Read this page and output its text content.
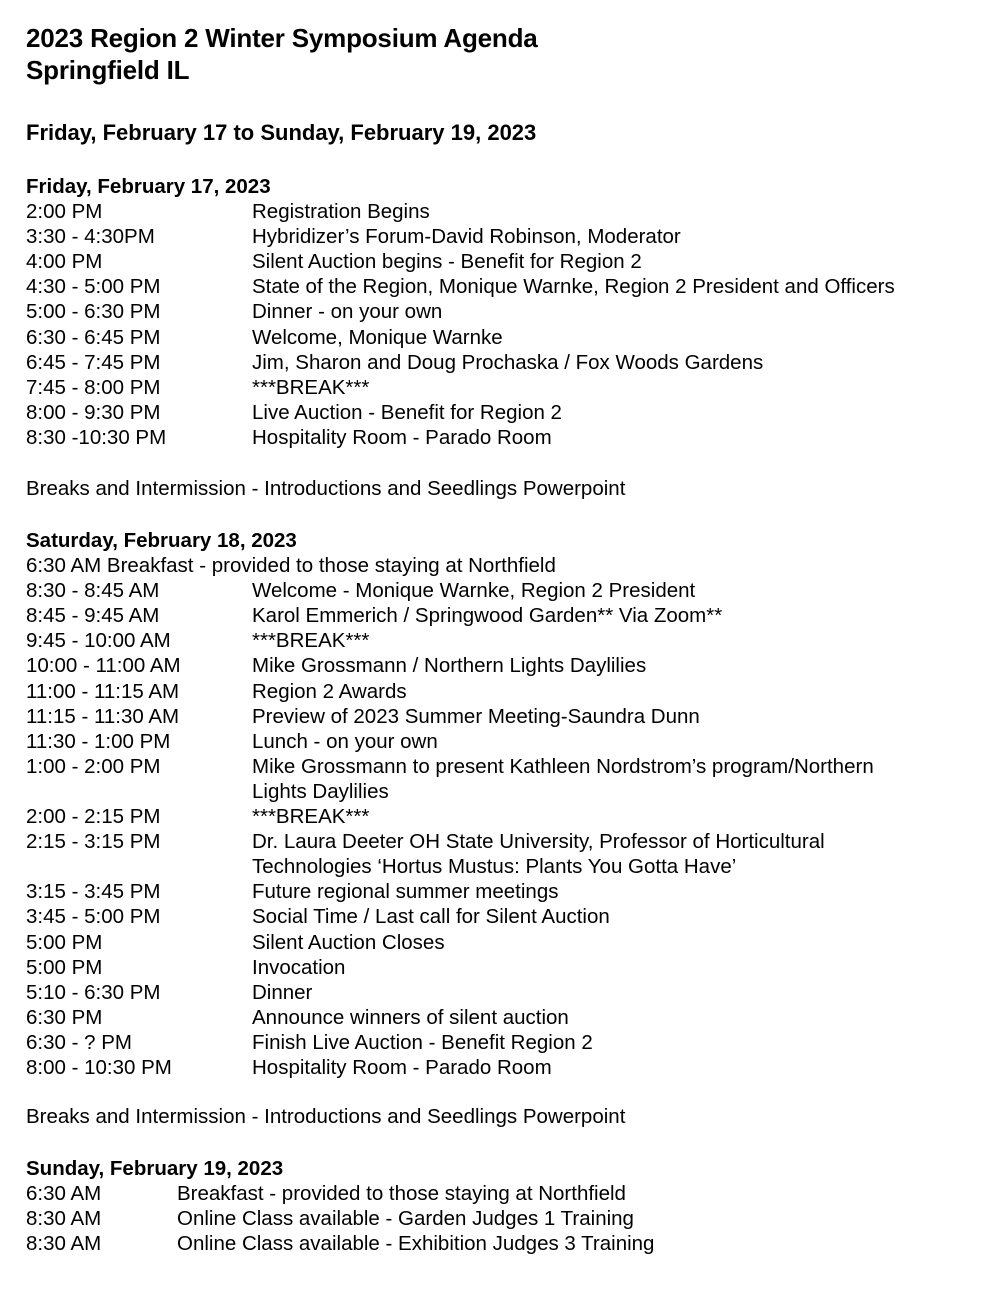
2023 Region 2 Winter Symposium Agenda
Springfield IL
Friday, February 17 to Sunday, February 19, 2023
Friday, February 17, 2023
2:00 PM	Registration Begins
3:30 - 4:30PM	Hybridizer’s Forum-David Robinson, Moderator
4:00 PM	Silent Auction begins - Benefit for Region 2
4:30 - 5:00 PM	State of the Region, Monique Warnke, Region 2 President and Officers
5:00 - 6:30 PM	Dinner - on your own
6:30 - 6:45 PM	Welcome, Monique Warnke
6:45 - 7:45 PM	Jim, Sharon and Doug Prochaska / Fox Woods Gardens
7:45 - 8:00 PM	***BREAK***
8:00 - 9:30 PM	Live Auction - Benefit for Region 2
8:30 -10:30 PM	Hospitality Room - Parado Room
Breaks and Intermission - Introductions and Seedlings Powerpoint
Saturday, February 18, 2023
6:30 AM Breakfast - provided to those staying at Northfield
8:30 - 8:45 AM	Welcome - Monique Warnke, Region 2 President
8:45 - 9:45 AM	Karol Emmerich / Springwood Garden** Via Zoom**
9:45 - 10:00 AM	***BREAK***
10:00 - 11:00 AM	Mike Grossmann / Northern Lights Daylilies
11:00 - 11:15 AM	Region 2 Awards
11:15 - 11:30 AM	Preview of 2023 Summer Meeting-Saundra Dunn
11:30 - 1:00 PM	Lunch - on your own
1:00 - 2:00 PM	Mike Grossmann to present Kathleen Nordstrom’s program/Northern

Lights Daylilies
2:00 - 2:15 PM	***BREAK***
2:15 - 3:15 PM	Dr. Laura Deeter OH State University, Professor of Horticultural

Technologies ‘Hortus Mustus: Plants You Gotta Have’
3:15 - 3:45 PM	Future regional summer meetings
3:45 - 5:00 PM	Social Time / Last call for Silent Auction
5:00 PM	Silent Auction Closes
5:00 PM	Invocation
5:10 - 6:30 PM	Dinner
6:30 PM	Announce winners of silent auction
6:30 - ? PM	Finish Live Auction - Benefit Region 2
8:00 - 10:30 PM	Hospitality Room - Parado Room
Breaks and Intermission - Introductions and Seedlings Powerpoint
Sunday, February 19, 2023
6:30 AM	Breakfast - provided to those staying at Northfield
8:30 AM	Online Class available - Garden Judges 1 Training
8:30 AM	Online Class available - Exhibition Judges 3 Training
